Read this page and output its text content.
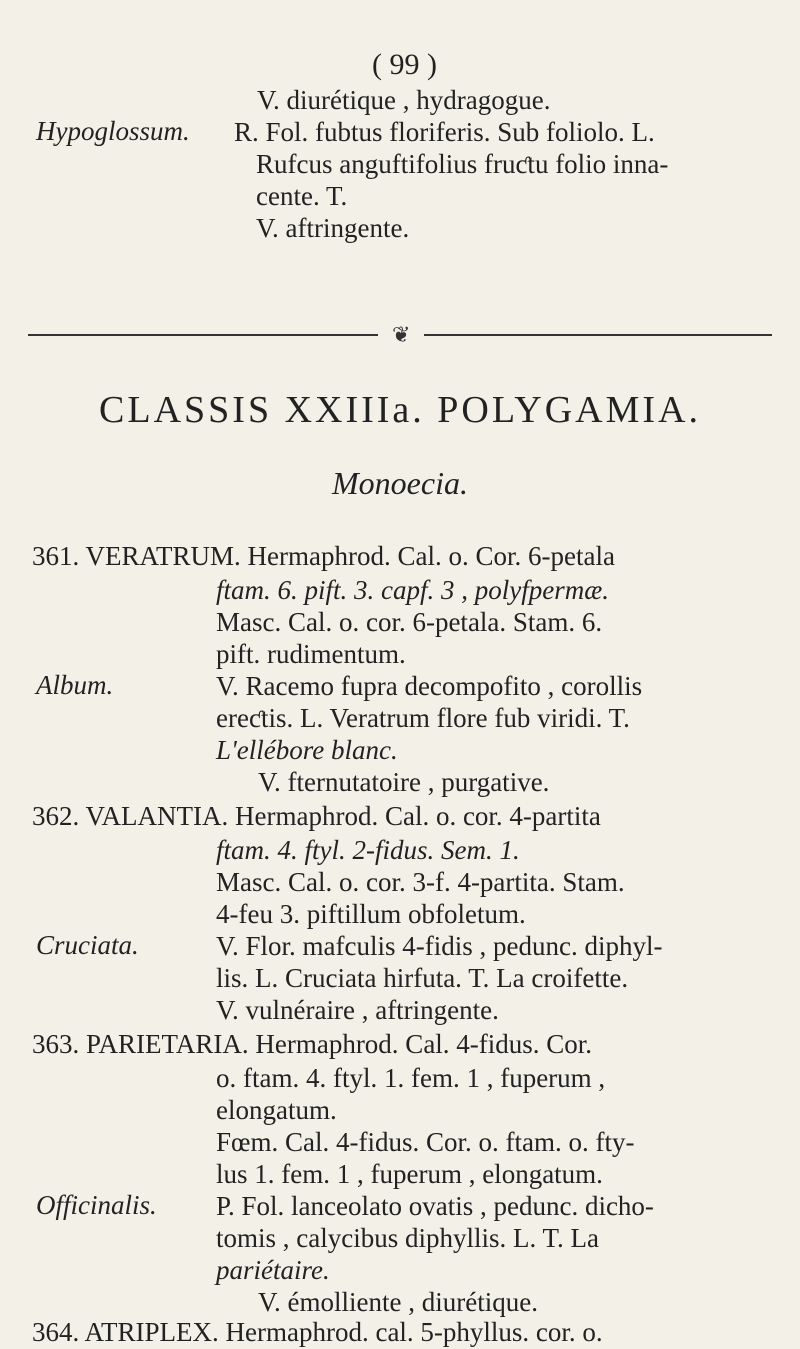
( 99 )
V. diurétique , hydragogue.
Hypoglossum. R. Fol. fubtus floriferis. Sub foliolo. L.
Rufcus anguftifolius fruƈtu folio inna-
cente. T.
V. aftringente.
❦
CLASSIS XXIIIa. POLYGAMIA.
Monoecia.
361. VERATRUM. Hermaphrod. Cal. o. Cor. 6-petala
ftam. 6. pift. 3. capf. 3 , polyfpermæ.
Masc. Cal. o. cor. 6-petala. Stam. 6.
pift. rudimentum.
Album.	V. Racemo fupra decompofito , corollis
ereƈtis. L. Veratrum flore fub viridi. T.
L'ellébore blanc.
V. fternutatoire , purgative.
362. VALANTIA. Hermaphrod. Cal. o. cor. 4-partita
ftam. 4. ftyl. 2-fidus. Sem. 1.
Masc. Cal. o. cor. 3-f. 4-partita. Stam.
4-feu 3. piftillum obfoletum.
Cruciata.	V. Flor. mafculis 4-fidis , pedunc. diphyl-
lis. L. Cruciata hirfuta. T. La croifette.
V. vulnéraire , aftringente.
363. PARIETARIA. Hermaphrod. Cal. 4-fidus. Cor.
o. ftam. 4. ftyl. 1. fem. 1 , fuperum ,
elongatum.
Fœm. Cal. 4-fidus. Cor. o. ftam. o. fty-
lus 1. fem. 1 , fuperum , elongatum.
Officinalis. P. Fol. lanceolato ovatis , pedunc. dicho-
tomis , calycibus diphyllis. L. T. La
pariétaire.
V. émolliente , diurétique.
364. ATRIPLEX. Hermaphrod. cal. 5-phyllus. cor. o.
